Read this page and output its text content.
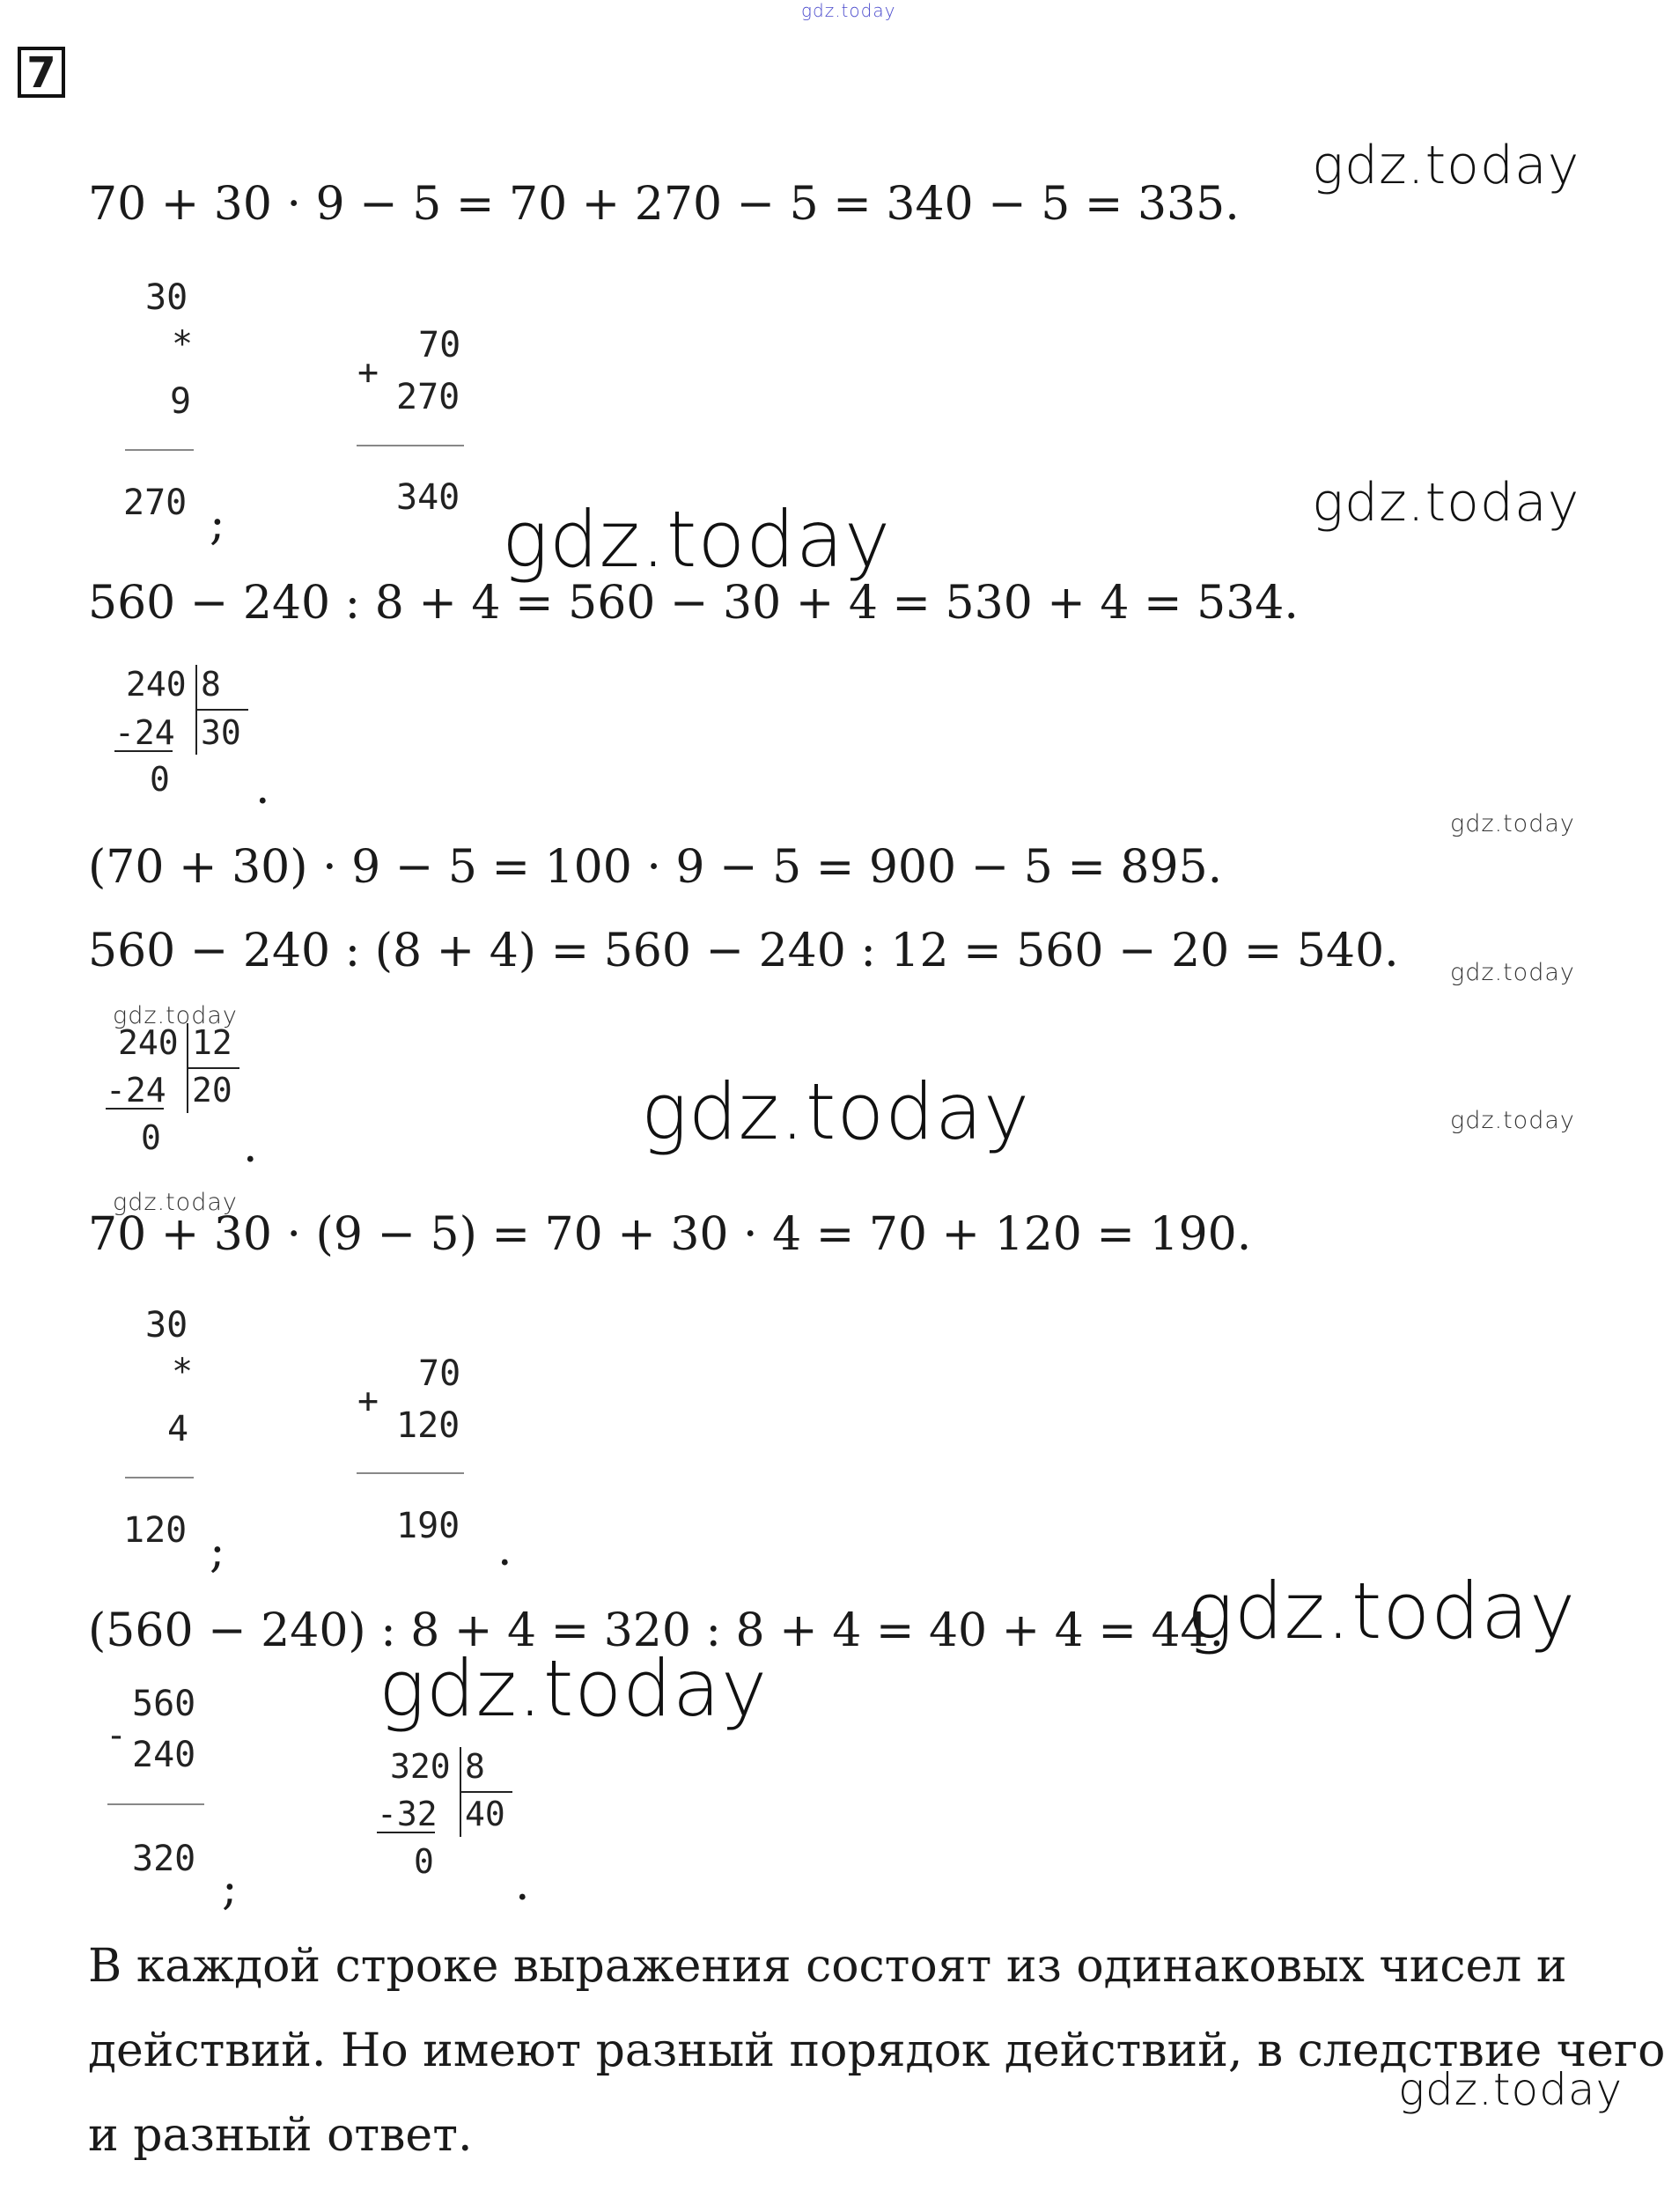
gdz.today
7
gdz.today
gdz.today
gdz.today
gdz.today
gdz.today
gdz.today
gdz.today	gdz.today
gdz.today
gdz.today
gdz.today
gdz.today
70 + 30 · 9 − 5 = 70 + 270 − 5 = 340 − 5 = 335.
30
*
9
270 ;
+
70
270
340
560 − 240 : 8 + 4 = 560 − 30 + 4 = 530 + 4 = 534.
240 8
-24 30
0 .
(70 + 30) · 9 − 5 = 100 · 9 − 5 = 900 − 5 = 895.
560 − 240 : (8 + 4) = 560 − 240 : 12 = 560 − 20 = 540.
240 12
-24 20
0 .
70 + 30 · (9 − 5) = 70 + 30 · 4 = 70 + 120 = 190.
30
*
4
120 ;
+
70
120
190 .
(560 − 240) : 8 + 4 = 320 : 8 + 4 = 40 + 4 = 44.
-
560
240
320
;
320 8
-32 40
0 .
В каждой строке выражения состоят из одинаковых чисел и действий. Но имеют разный порядок действий, в следствие чего и разный ответ.
